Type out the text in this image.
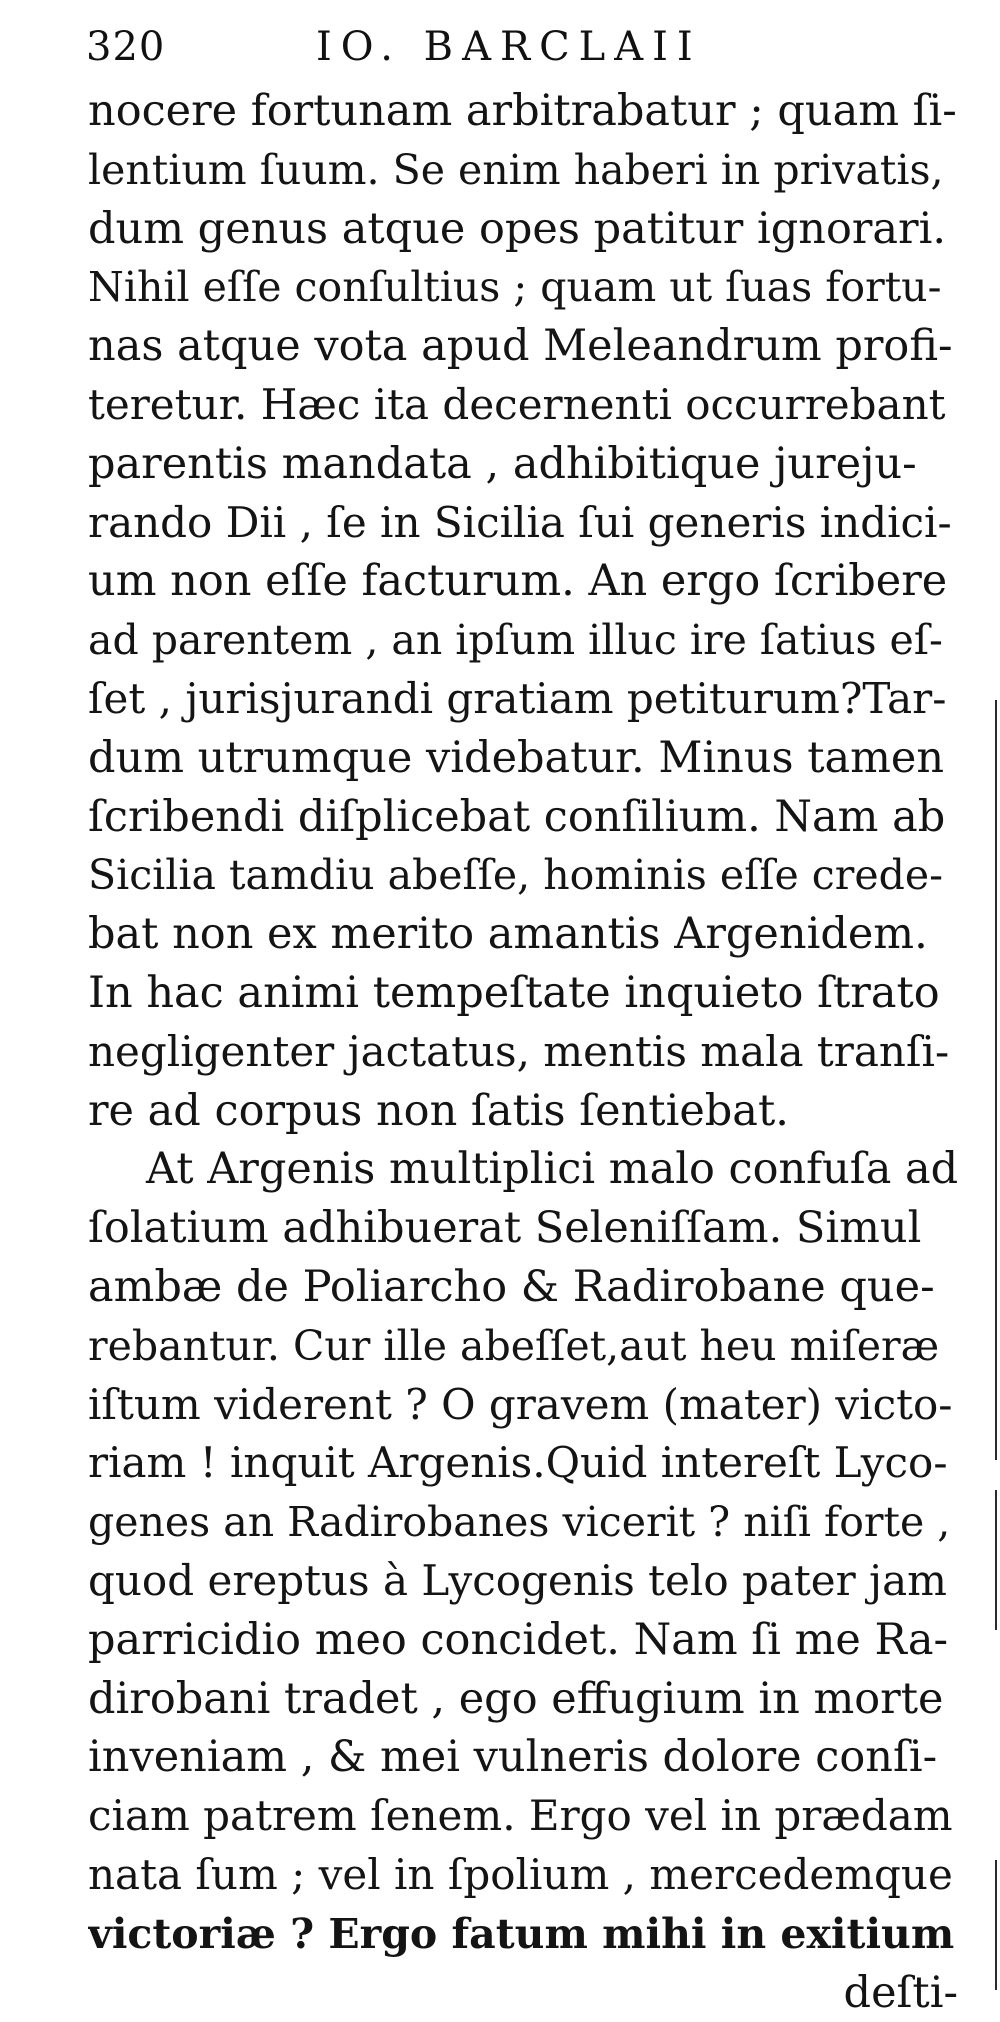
320	IO. BARCLAII
nocere fortunam arbitrabatur ; quam ſi-
lentium ſuum. Se enim haberi in privatis,
dum genus atque opes patitur ignorari.
Nihil eſſe conſultius ; quam ut ſuas fortu-
nas atque vota apud Meleandrum profi-
teretur. Hæc ita decernenti occurrebant
parentis mandata , adhibitique jureju-
rando Dii , ſe in Sicilia ſui generis indici-
um non eſſe facturum. An ergo ſcribere
ad parentem , an ipſum illuc ire ſatius eſ-
ſet , jurisjurandi gratiam petiturum?Tar-
dum utrumque videbatur. Minus tamen
ſcribendi diſplicebat conſilium. Nam ab
Sicilia tamdiu abeſſe, hominis eſſe crede-
bat non ex merito amantis Argenidem.
In hac animi tempeſtate inquieto ſtrato
negligenter jactatus, mentis mala tranſi-
re ad corpus non ſatis ſentiebat.
At Argenis multiplici malo confuſa ad
ſolatium adhibuerat Seleniſſam. Simul
ambæ de Poliarcho & Radirobane que-
rebantur. Cur ille abeſſet,aut heu miſeræ
iſtum viderent ? O gravem (mater) victo-
riam ! inquit Argenis.Quid intereſt Lyco-
genes an Radirobanes vicerit ? niſi forte ,
quod ereptus à Lycogenis telo pater jam
parricidio meo concidet. Nam ſi me Ra-
dirobani tradet , ego effugium in morte
inveniam , & mei vulneris dolore conſi-
ciam patrem ſenem. Ergo vel in prædam
nata ſum ; vel in ſpolium , mercedemque
victoriæ ? Ergo fatum mihi in exitium
deſti-
